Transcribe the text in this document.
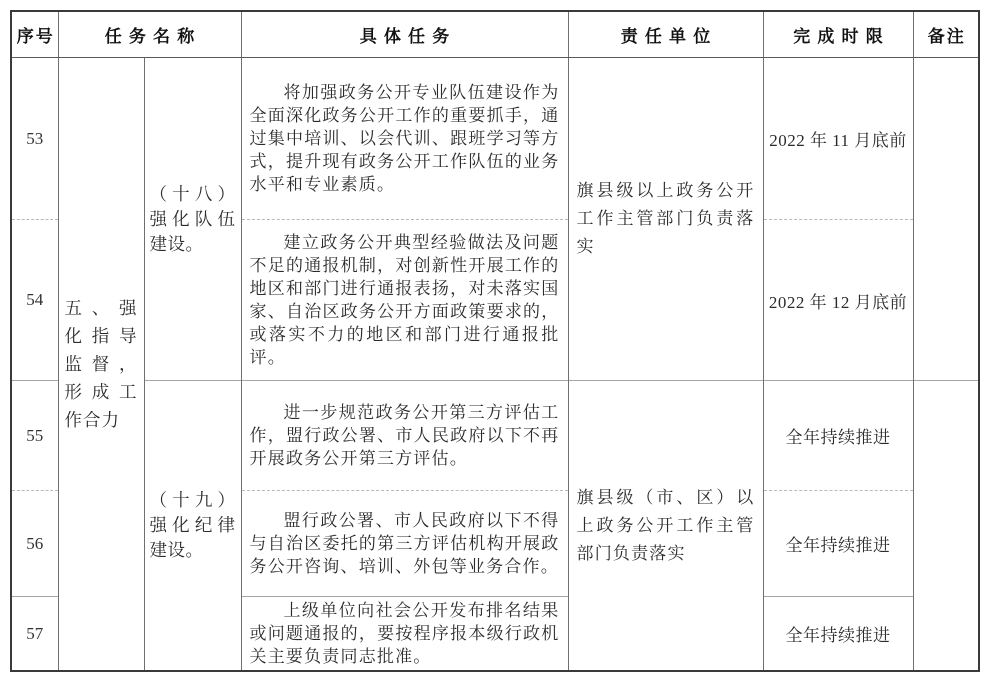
序号	任务名称		具体任务	责任单位	完成时限	备注
53	五、强化指导监督，形成工作合力	（十八）强化队伍建设。	将加强政务公开专业队伍建设作为全面深化政务公开工作的重要抓手，通过集中培训、以会代训、跟班学习等方式，提升现有政务公开工作队伍的业务水平和专业素质。	旗县级以上政务公开工作主管部门负责落实	2022 年 11 月底前	
54			建立政务公开典型经验做法及问题不足的通报机制，对创新性开展工作的地区和部门进行通报表扬，对未落实国家、自治区政务公开方面政策要求的，或落实不力的地区和部门进行通报批评。		2022 年 12 月底前	
55		（十九）强化纪律建设。	进一步规范政务公开第三方评估工作，盟行政公署、市人民政府以下不再开展政务公开第三方评估。	旗县级（市、区）以上政务公开工作主管部门负责落实	全年持续推进	
56			盟行政公署、市人民政府以下不得与自治区委托的第三方评估机构开展政务公开咨询、培训、外包等业务合作。		全年持续推进	
57			上级单位向社会公开发布排名结果或问题通报的，要按程序报本级行政机关主要负责同志批准。		全年持续推进	
